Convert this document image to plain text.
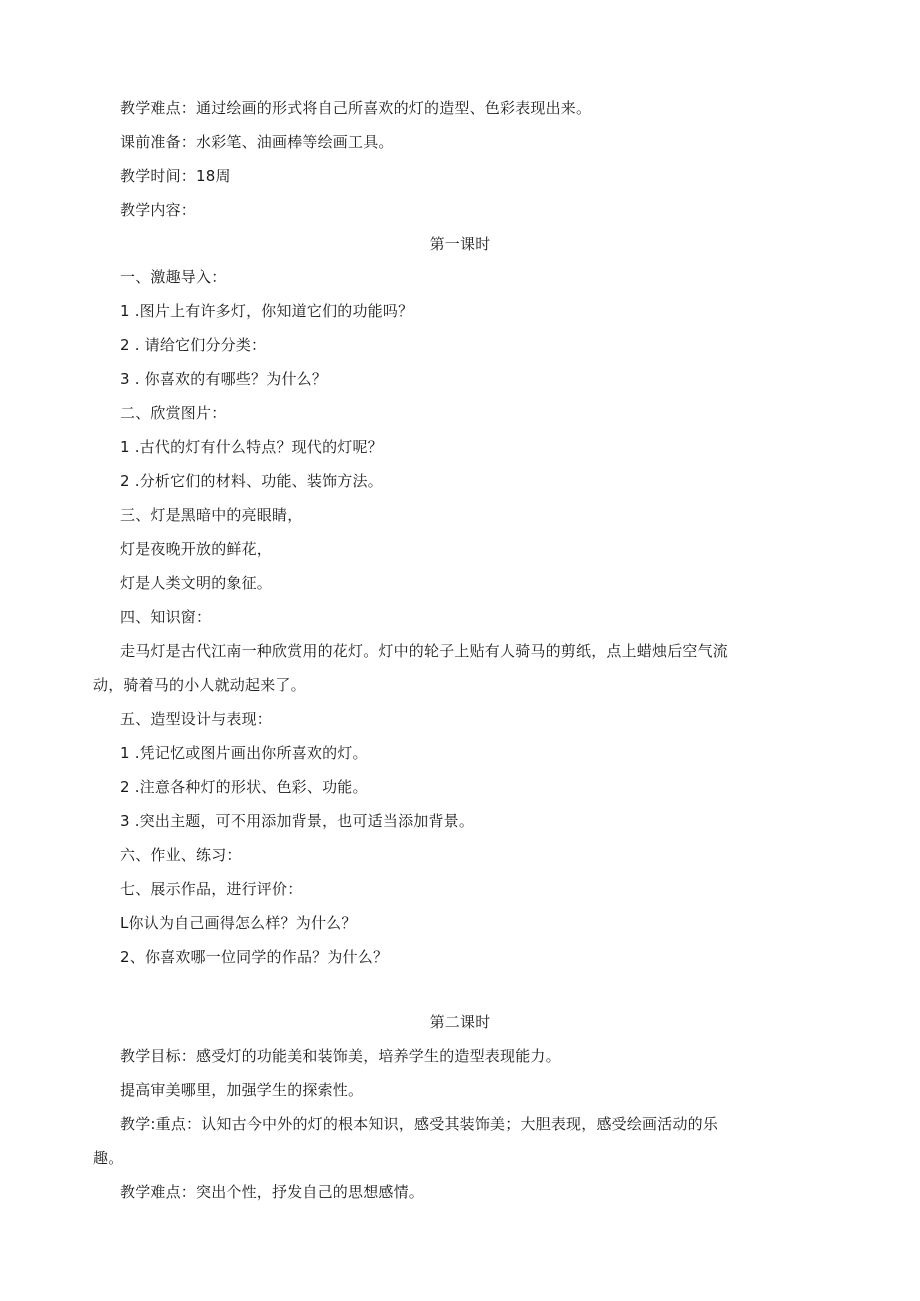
教学难点：通过绘画的形式将自己所喜欢的灯的造型、色彩表现出来。
课前准备：水彩笔、油画棒等绘画工具。
教学时间：18周
教学内容：
第一课时
一、激趣导入：
1 .图片上有许多灯，你知道它们的功能吗？
2 . 请给它们分分类：
3 . 你喜欢的有哪些？为什么？
二、欣赏图片：
1 .古代的灯有什么特点？现代的灯呢？
2 .分析它们的材料、功能、装饰方法。
三、灯是黑暗中的亮眼睛，
灯是夜晚开放的鲜花，
灯是人类文明的象征。
四、知识窗：
走马灯是古代江南一种欣赏用的花灯。灯中的轮子上贴有人骑马的剪纸，点上蜡烛后空气流
动，骑着马的小人就动起来了。
五、造型设计与表现：
1 .凭记忆或图片画出你所喜欢的灯。
2 .注意各种灯的形状、色彩、功能。
3 .突出主题，可不用添加背景，也可适当添加背景。
六、作业、练习：
七、展示作品，进行评价：
L你认为自己画得怎么样？为什么？
2、你喜欢哪一位同学的作品？为什么？
第二课时
教学目标：感受灯的功能美和装饰美，培养学生的造型表现能力。
提高审美哪里，加强学生的探索性。
教学:重点：认知古今中外的灯的根本知识，感受其装饰美；大胆表现，感受绘画活动的乐
趣。
教学难点：突出个性，抒发自己的思想感情。
